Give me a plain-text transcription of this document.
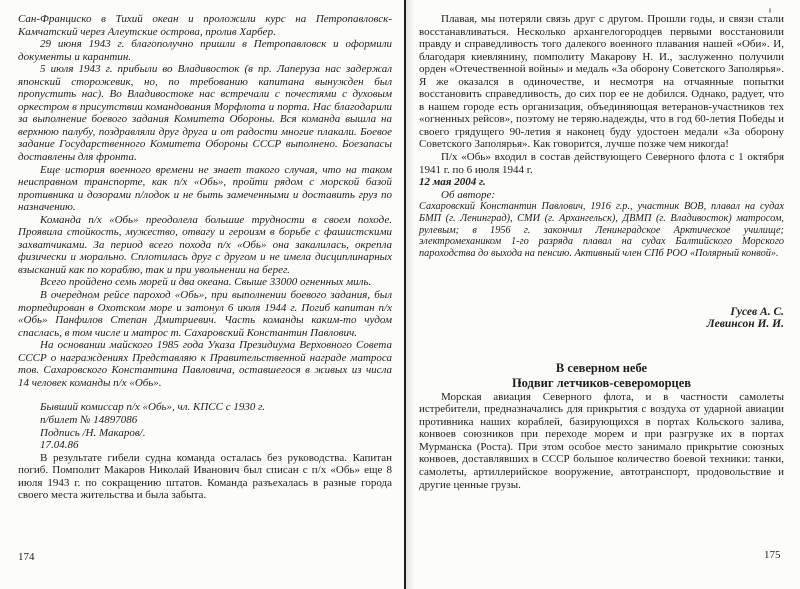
Сан-Франциско в Тихий океан и проложили курс на Петропавловск-Камчатский через Алеутские острова, пролив Харбер.

29 июня 1943 г. благополучно пришли в Петропавловск и оформили документы и карантин.

5 июля 1943 г. прибыли во Владивосток (в пр. Лаперуза нас задержал японский сторожевик, но, по требованию капитана вынужден был пропустить нас). Во Владивостоке нас встречали с почестями с духовым оркестром в присутствии командования Морфлота и порта. Нас благодарили за выполнение боевого задания Комитета Обороны. Вся команда вышла на верхнюю палубу, поздравляли друг друга и от радости многие плакали. Боевое задание Государственного Комитета Обороны СССР выполнено. Боезапасы доставлены для фронта.

Еще история военного времени не знает такого случая, что на таком неисправном транспорте, как п/х «Обь», пройти рядом с морской базой противника и дозорами п/лодок и не быть замеченными и доставить груз по назначению.

Команда п/х «Обь» преодолела большие трудности в своем походе. Проявила стойкость, мужество, отвагу и героизм в борьбе с фашистскими захватчиками. За период всего похода п/х «Обь» она закалилась, окрепла физически и морально. Сплотилась друг с другом и не имела дисциплинарных взысканий как по кораблю, так и при увольнении на берег.

Всего пройдено семь морей и два океана. Свыше 33000 огненных миль.

В очередном рейсе пароход «Обь», при выполнении боевого задания, был торпедирован в Охотском море и затонул 6 июля 1944 г. Погиб капитан п/х «Обь» Панфилов Степан Дмитриевич. Часть команды каким-то чудом спаслась, в том числе и матрос т. Сахаровский Константин Павлович.

На основании майского 1985 года Указа Президиума Верховного Совета СССР о награждениях Представляю к Правительственной награде матроса тов. Сахаровского Константина Павловича, оставшегося в живых из числа 14 человек команды п/х «Обь».

Бывший комиссар п/х «Обь», чл. КПСС с 1930 г.
п/билет № 14897086
Подпись /Н. Макаров/.
17.04.86

В результате гибели судна команда осталась без руководства. Капитан погиб. Помполит Макаров Николай Иванович был списан с п/х «Обь» еще 8 июля 1943 г. по сокращению штатов. Команда разъехалась в разные города своего места жительства и была забыта.

Плавая, мы потеряли связь друг с другом. Прошли годы, и связи стали восстанавливаться. Несколько архангелогородцев первыми восстановили правду и справедливость того далекого военного плавания нашей «Оби». И, благодаря киевлянину, помполиту Макарову Н. И., заслуженно получили орден «Отечественной войны» и медаль «За оборону Советского Заполярья». Я же оказался в одиночестве, и несмотря на отчаянные попытки восстановить справедливость, до сих пор ее не добился. Однако, радует, что в нашем городе есть организация, объединяющая ветеранов-участников тех «огненных рейсов», поэтому не теряю.надежды, что в год 60-летия Победы и своего грядущего 90-летия я наконец буду удостоен медали «За оборону Советского Заполярья». Как говорится, лучше позже чем никогда!

П/х «Обь» входил в состав действующего Северного флота с 1 октября 1941 г. по 6 июля 1944 г.

12 мая 2004 г.

Об авторе:

Сахаровский Константин Павлович, 1916 г.р., участник ВОВ, плавал на судах БМП (г. Ленинград), СМИ (г. Архангельск), ДВМП (г. Владивосток) матросом, рулевым; в 1956 г. закончил Ленинградское Арктическое училище; электромехаником 1-го разряда плавал на судах Балтийского Морского пароходства до выхода на пенсию. Активный член СПб РОО «Полярный конвой».

Гусев А. С.
Левинсон И. И.
В северном небе
Подвиг летчиков-североморцев

Морская авиация Северного флота, и в частности самолеты истребители, предназначались для прикрытия с воздуха от ударной авиации противника наших кораблей, базирующихся в портах Кольского залива, конвоев союзников при переходе морем и при разгрузке их в портах Мурманска (Роста). При этом особое место занимало прикрытие союзных конвоев, доставлявших в СССР большое количество боевой техники: танки, самолеты, артиллерийское вооружение, автотранспорт, продовольствие и другие ценные грузы.

174	175
